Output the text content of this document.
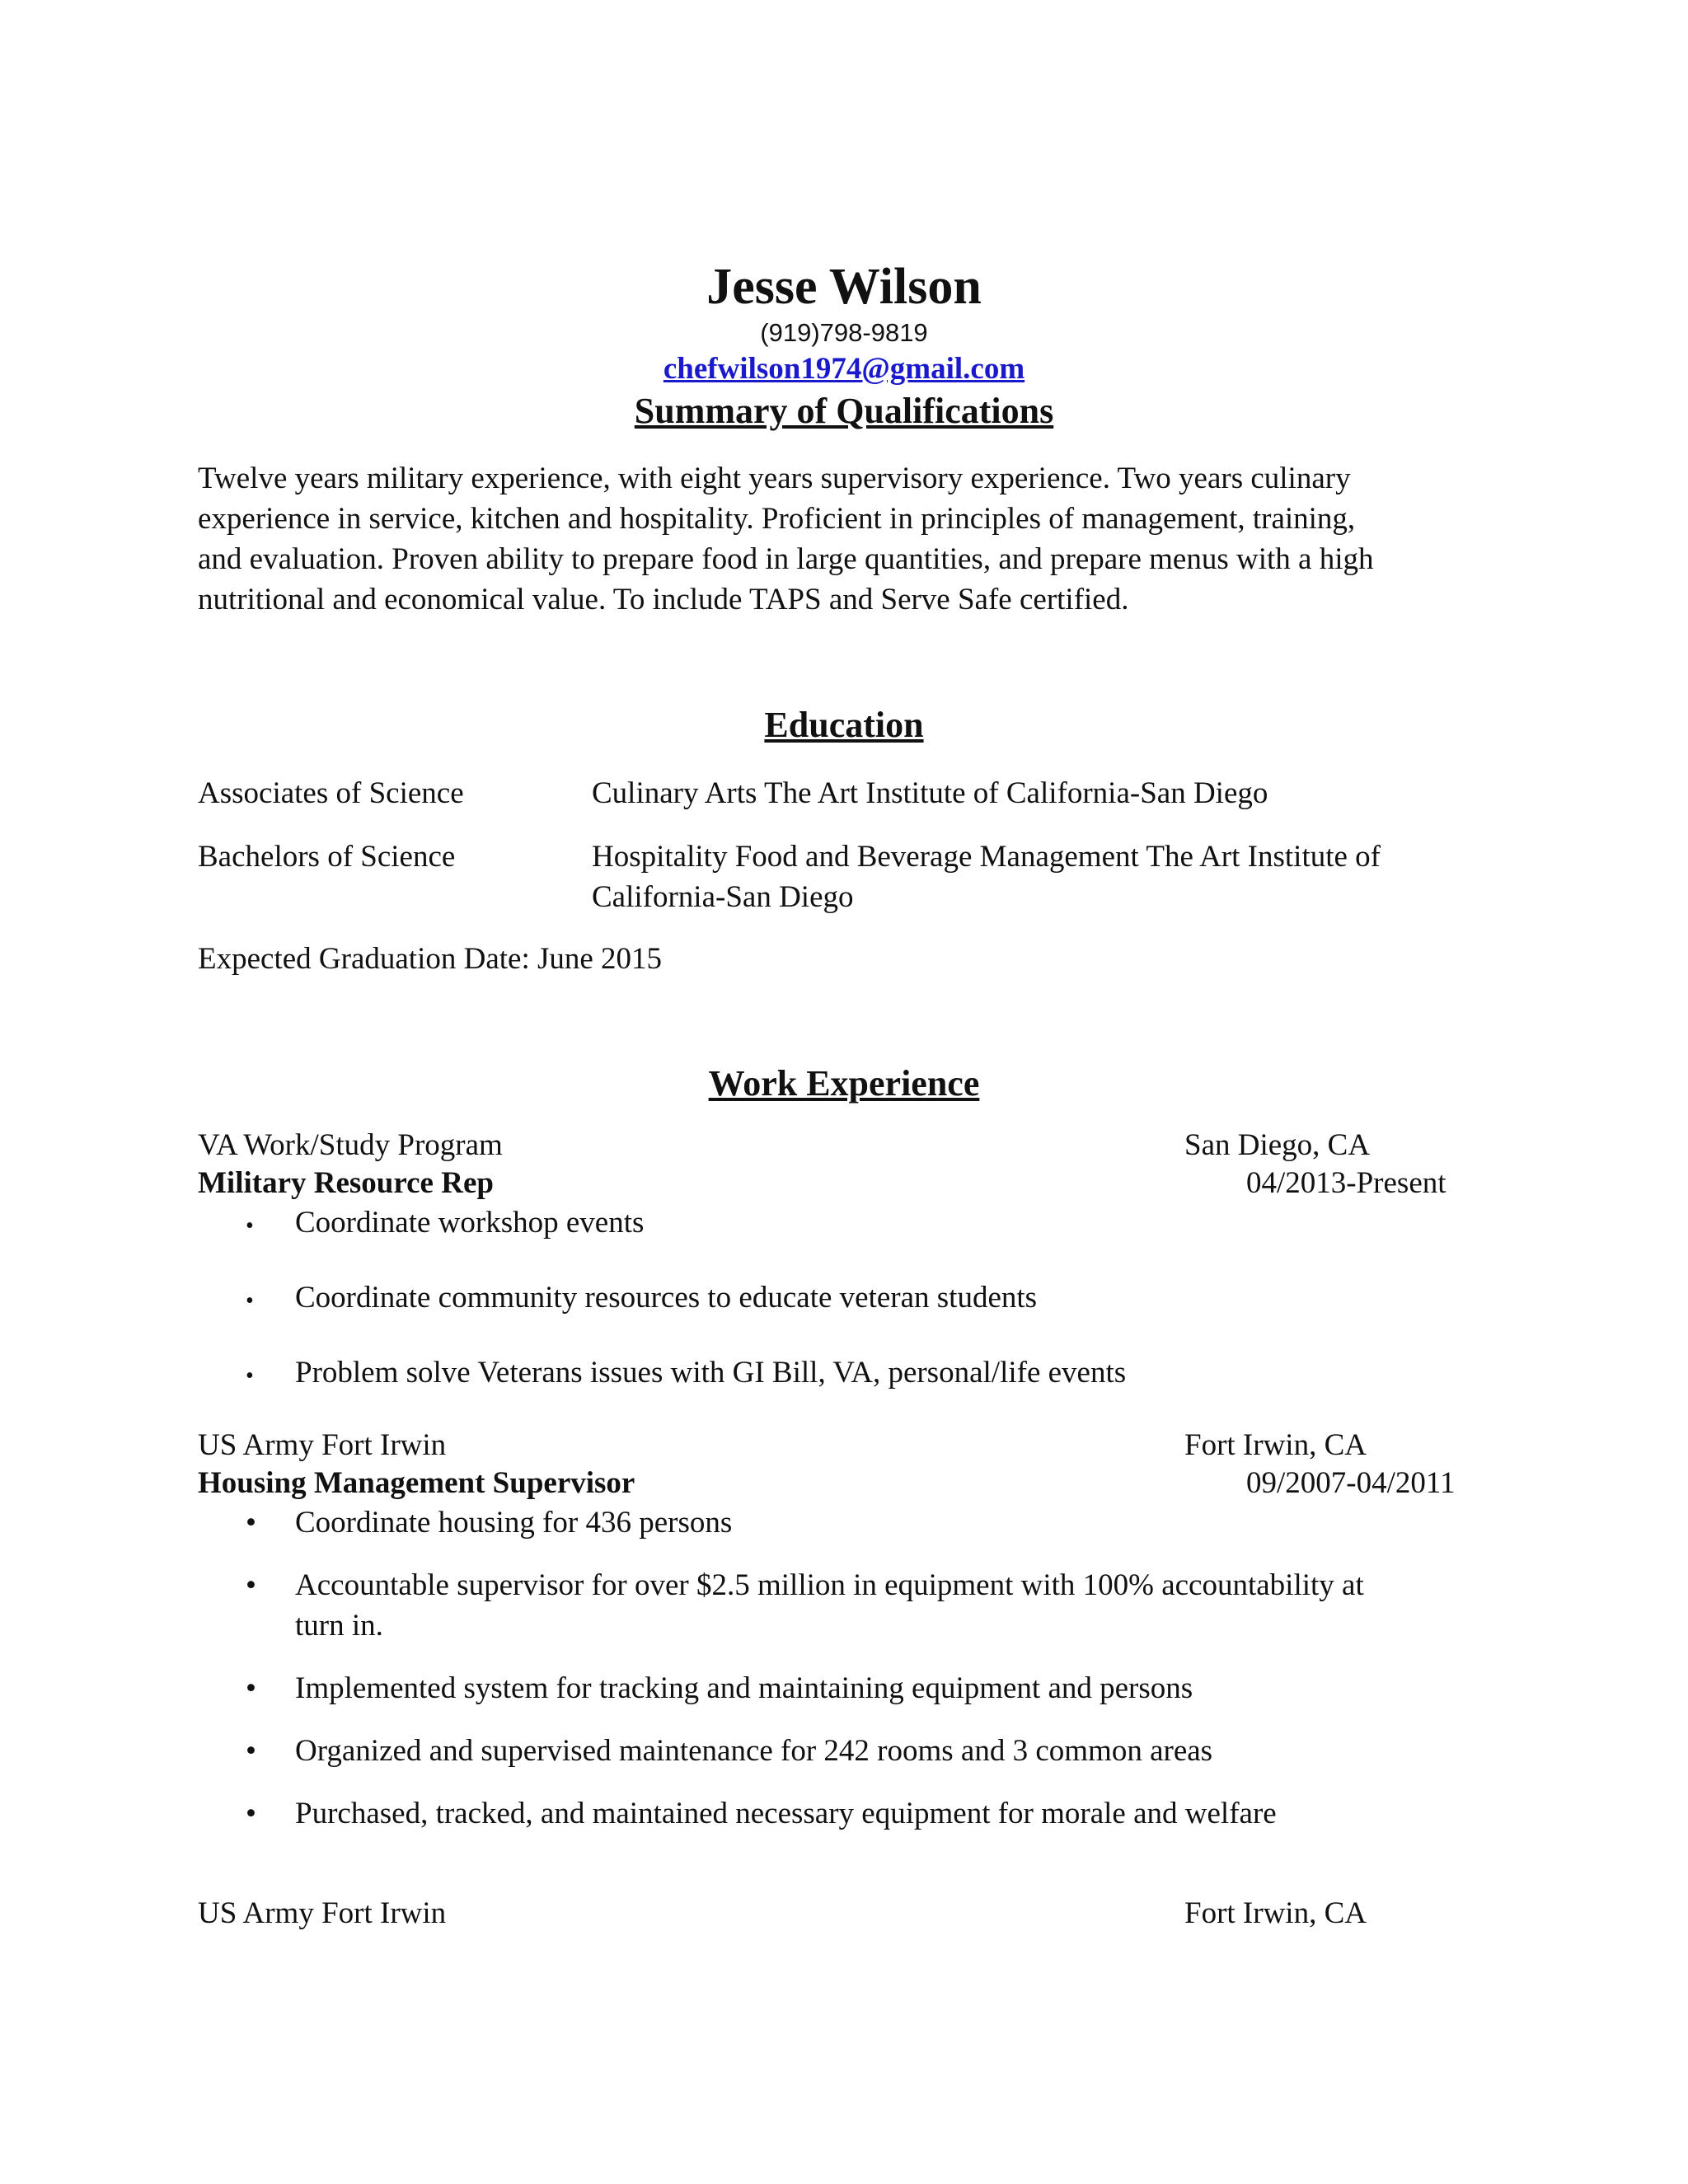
Jesse Wilson
(919)798-9819
chefwilson1974@gmail.com
Summary of Qualifications
Twelve years military experience, with eight years supervisory experience. Two years culinary
experience in service, kitchen and hospitality. Proficient in principles of management, training,
and evaluation. Proven ability to prepare food in large quantities, and prepare menus with a high
nutritional and economical value. To include TAPS and Serve Safe certified.
Education
Associates of Science	Culinary Arts The Art Institute of California-San Diego
Bachelors of Science	Hospitality Food and Beverage Management The Art Institute of
California-San Diego
Expected Graduation Date: June 2015
Work Experience
VA Work/Study Program	San Diego, CA
Military Resource Rep	04/2013-Present
• Coordinate workshop events
• Coordinate community resources to educate veteran students
• Problem solve Veterans issues with GI Bill, VA, personal/life events
US Army Fort Irwin	Fort Irwin, CA
Housing Management Supervisor	09/2007-04/2011
• Coordinate housing for 436 persons
• Accountable supervisor for over $2.5 million in equipment with 100% accountability at
turn in.
• Implemented system for tracking and maintaining equipment and persons
• Organized and supervised maintenance for 242 rooms and 3 common areas
• Purchased, tracked, and maintained necessary equipment for morale and welfare
US Army Fort Irwin	Fort Irwin, CA
